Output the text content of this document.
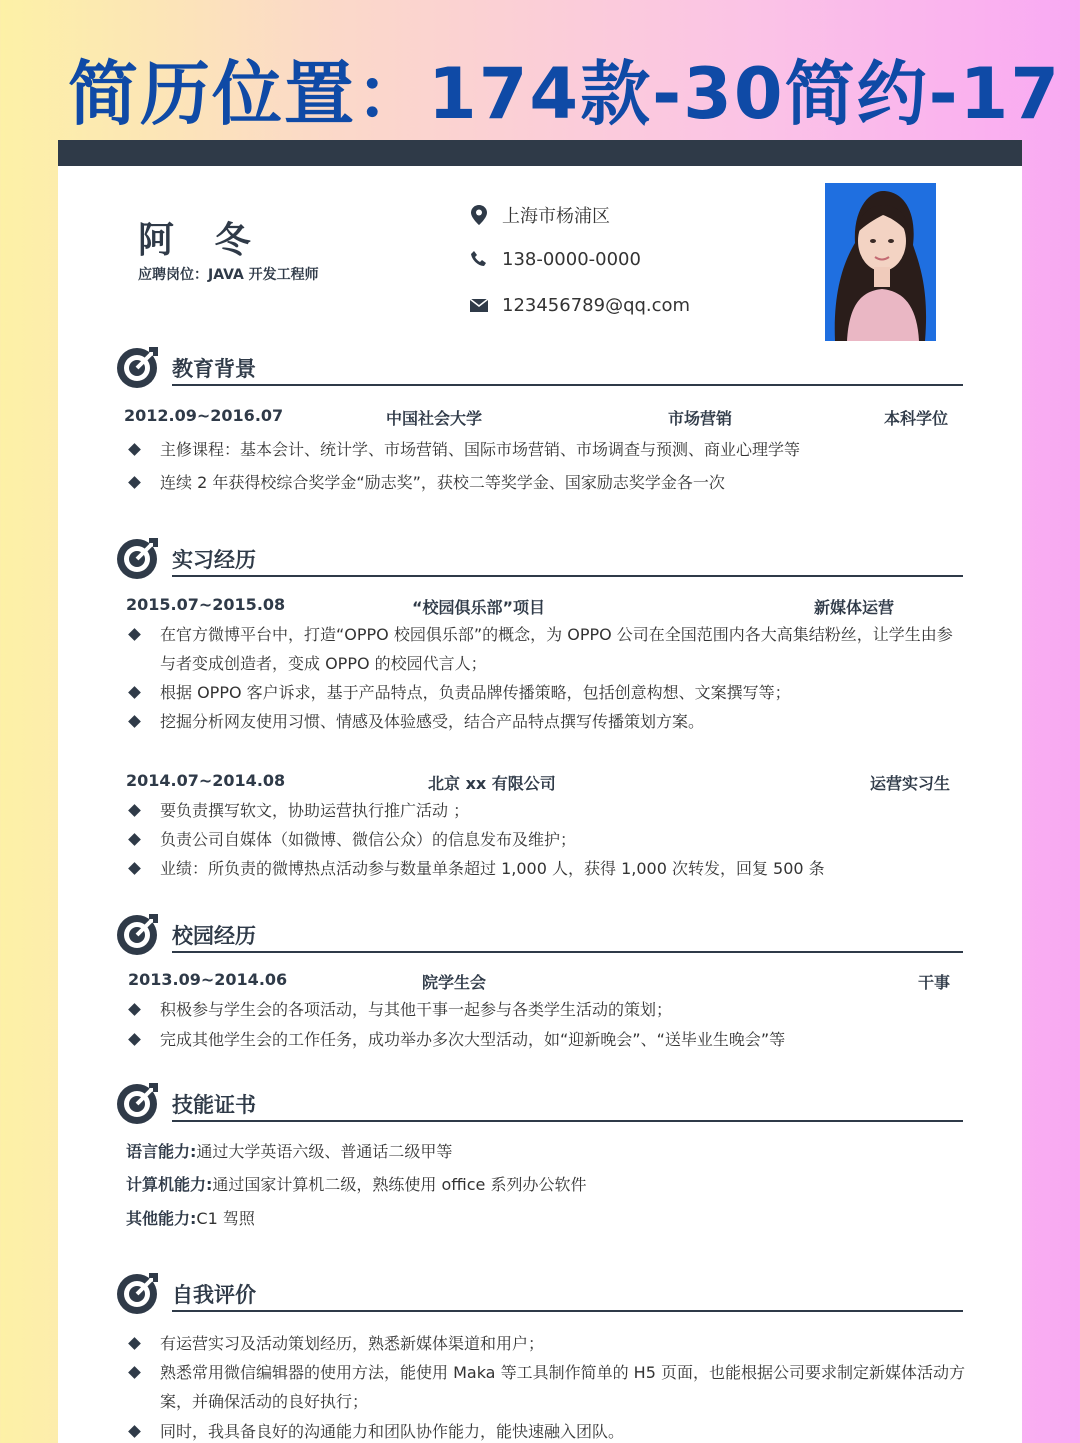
简历位置：174款-30简约-17
阿 冬
应聘岗位：JAVA 开发工程师
上海市杨浦区
138-0000-0000
123456789@qq.com
教育背景
2012.09~2016.07	中国社会大学	市场营销	本科学位
主修课程：基本会计、统计学、市场营销、国际市场营销、市场调查与预测、商业心理学等
连续 2 年获得校综合奖学金“励志奖”，获校二等奖学金、国家励志奖学金各一次
实习经历
2015.07~2015.08	“校园俱乐部”项目	新媒体运营
在官方微博平台中，打造“OPPO 校园俱乐部”的概念，为 OPPO 公司在全国范围内各大高集结粉丝，让学生由参与者变成创造者，变成 OPPO 的校园代言人；
根据 OPPO 客户诉求，基于产品特点，负责品牌传播策略，包括创意构想、文案撰写等；
挖掘分析网友使用习惯、情感及体验感受，结合产品特点撰写传播策划方案。
2014.07~2014.08	北京 xx 有限公司	运营实习生
要负责撰写软文，协助运营执行推广活动 ；
负责公司自媒体（如微博、微信公众）的信息发布及维护；
业绩：所负责的微博热点活动参与数量单条超过 1,000 人，获得 1,000 次转发，回复 500 条
校园经历
2013.09~2014.06	院学生会	干事
积极参与学生会的各项活动，与其他干事一起参与各类学生活动的策划；
完成其他学生会的工作任务，成功举办多次大型活动，如“迎新晚会”、“送毕业生晚会”等
技能证书
语言能力:通过大学英语六级、普通话二级甲等
计算机能力:通过国家计算机二级，熟练使用 office 系列办公软件
其他能力:C1 驾照
自我评价
有运营实习及活动策划经历，熟悉新媒体渠道和用户；
熟悉常用微信编辑器的使用方法，能使用 Maka 等工具制作简单的 H5 页面，也能根据公司要求制定新媒体活动方案，并确保活动的良好执行；
同时，我具备良好的沟通能力和团队协作能力，能快速融入团队。
